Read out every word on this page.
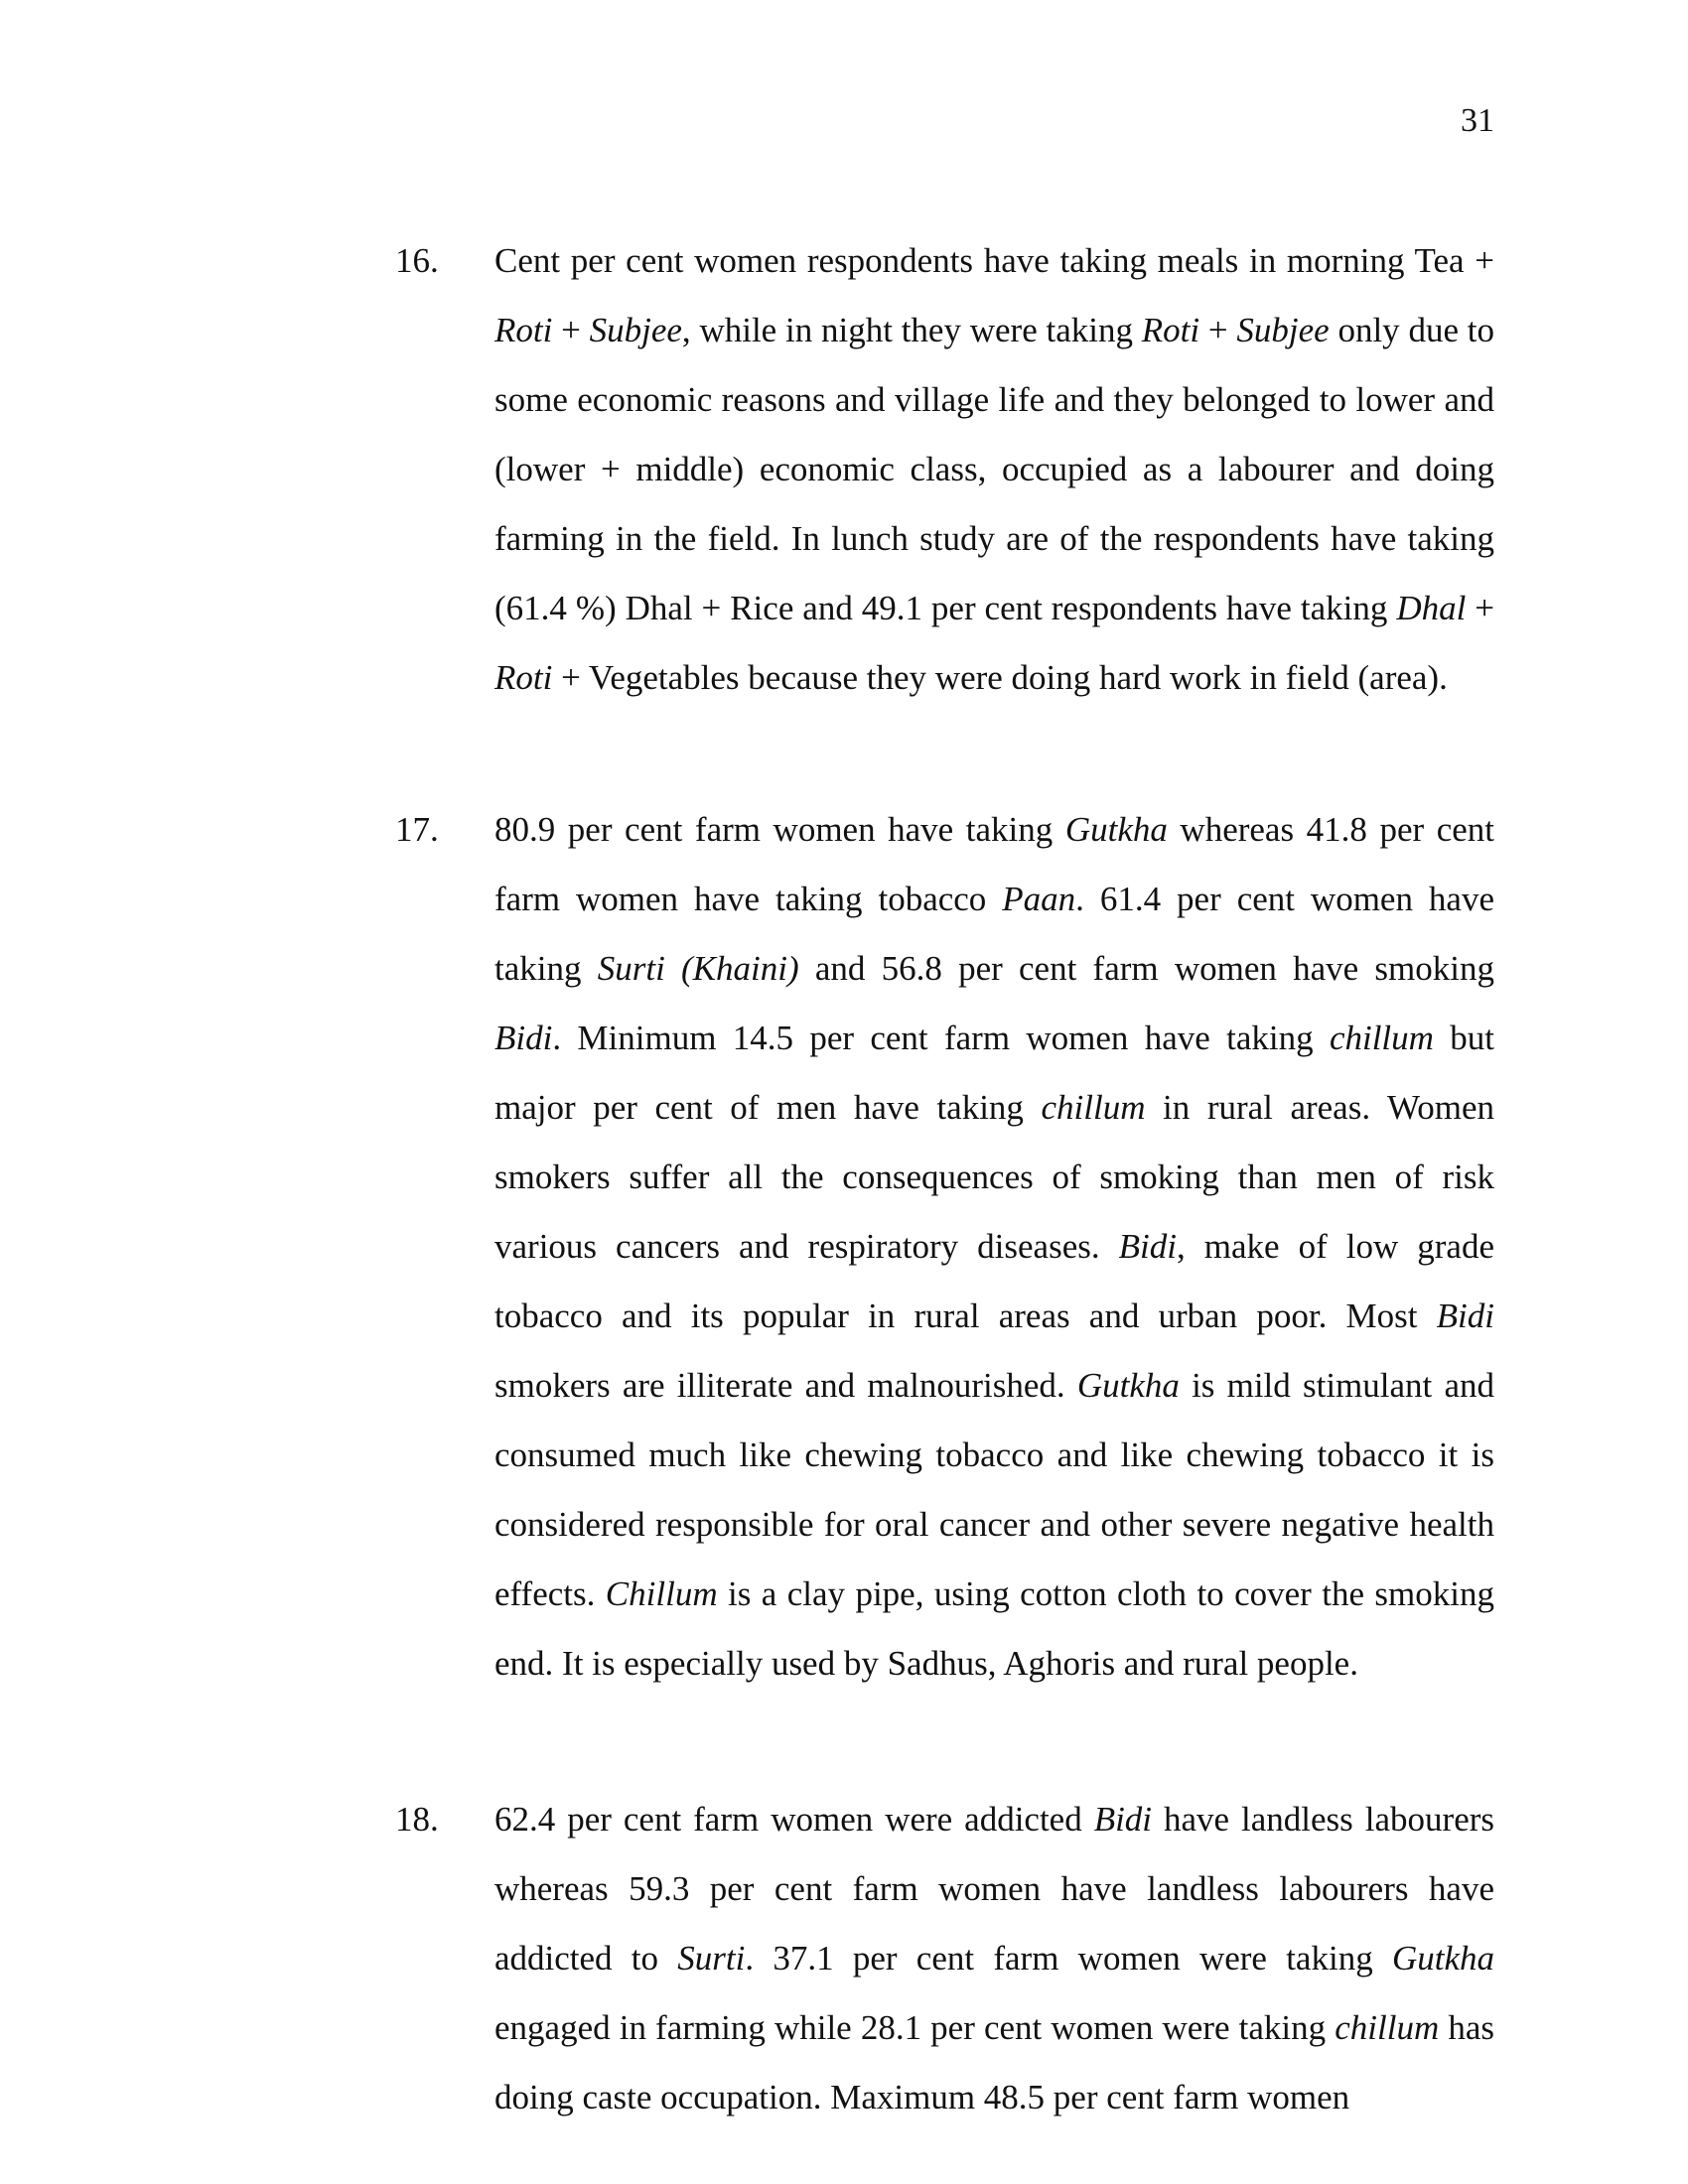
31
16. Cent per cent women respondents have taking meals in morning Tea + Roti + Subjee, while in night they were taking Roti + Subjee only due to some economic reasons and village life and they belonged to lower and (lower + middle) economic class, occupied as a labourer and doing farming in the field. In lunch study are of the respondents have taking (61.4 %) Dhal + Rice and 49.1 per cent respondents have taking Dhal + Roti + Vegetables because they were doing hard work in field (area).
17. 80.9 per cent farm women have taking Gutkha whereas 41.8 per cent farm women have taking tobacco Paan. 61.4 per cent women have taking Surti (Khaini) and 56.8 per cent farm women have smoking Bidi. Minimum 14.5 per cent farm women have taking chillum but major per cent of men have taking chillum in rural areas. Women smokers suffer all the consequences of smoking than men of risk various cancers and respiratory diseases. Bidi, make of low grade tobacco and its popular in rural areas and urban poor. Most Bidi smokers are illiterate and malnourished. Gutkha is mild stimulant and consumed much like chewing tobacco and like chewing tobacco it is considered responsible for oral cancer and other severe negative health effects. Chillum is a clay pipe, using cotton cloth to cover the smoking end. It is especially used by Sadhus, Aghoris and rural people.
18. 62.4 per cent farm women were addicted Bidi have landless labourers whereas 59.3 per cent farm women have landless labourers have addicted to Surti. 37.1 per cent farm women were taking Gutkha engaged in farming while 28.1 per cent women were taking chillum has doing caste occupation. Maximum 48.5 per cent farm women
